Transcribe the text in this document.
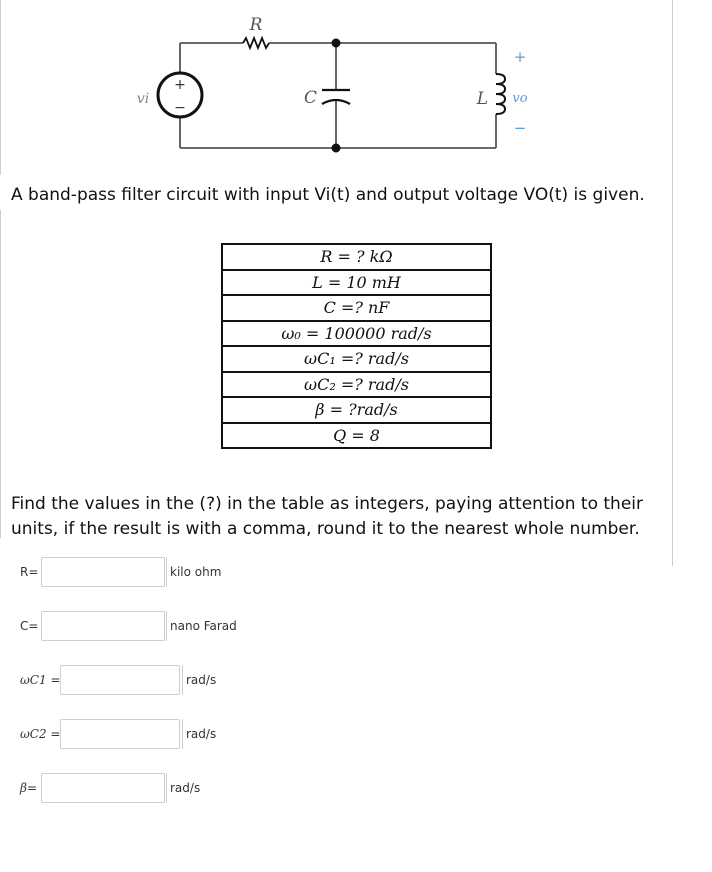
R
C	L
vi
+
−
+
vo
−
A band-pass filter circuit with input Vi(t) and output voltage VO(t) is given.
R = ? kΩ
L = 10 mH
C =? nF
ω₀ = 100000 rad/s
ωC₁ =? rad/s
ωC₂ =? rad/s
β = ?rad/s
Q = 8
Find the values in the (?) in the table as integers, paying attention to their units, if the result is with a comma, round it to the nearest whole number.
R=	kilo ohm
C=	nano Farad
ωC1 =	rad/s
ωC2 =	rad/s
β=	rad/s
